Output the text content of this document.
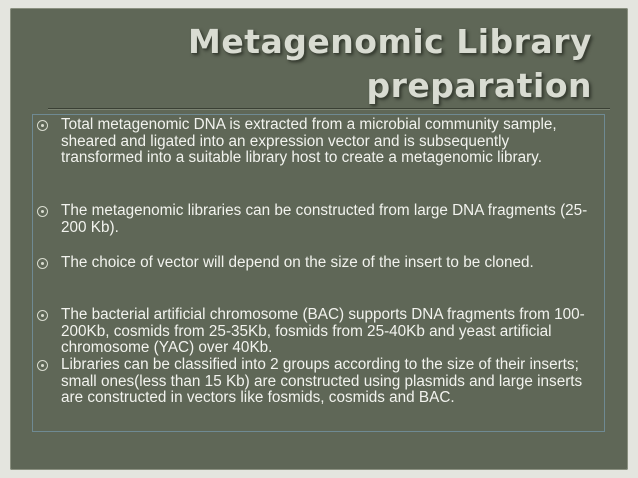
Metagenomic Library
preparation
Total metagenomic DNA is extracted from a microbial community sample, sheared and ligated into an expression vector and is subsequently transformed into a suitable library host to create a metagenomic library.
The metagenomic libraries can be constructed from large DNA fragments (25-200 Kb).
The choice of vector will depend on the size of the insert to be cloned.
The bacterial artificial chromosome (BAC) supports DNA fragments from 100-200Kb, cosmids from 25-35Kb, fosmids from 25-40Kb and yeast artificial chromosome (YAC) over 40Kb.
Libraries can be classified into 2 groups according to the size of their inserts; small ones(less than 15 Kb) are constructed using plasmids and large inserts are constructed in vectors like fosmids, cosmids and BAC.
